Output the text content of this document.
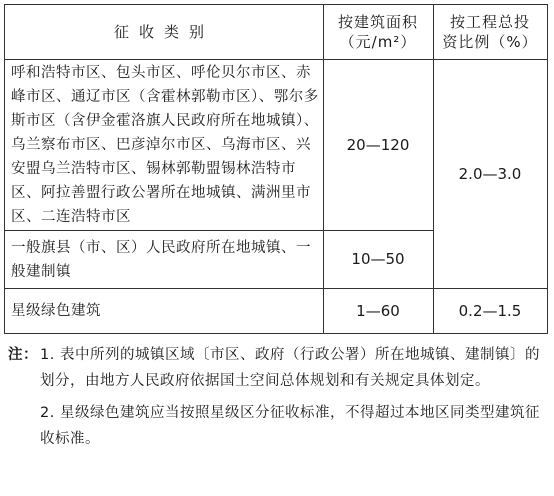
征收类别
按建筑面积
（元/m²）
按工程总投
资比例（%）
呼和浩特市区、包头市区、呼伦贝尔市区、赤峰市区、通辽市区（含霍林郭勒市区）、鄂尔多斯市区（含伊金霍洛旗人民政府所在地城镇）、乌兰察布市区、巴彦淖尔市区、乌海市区、兴安盟乌兰浩特市区、锡林郭勒盟锡林浩特市区、阿拉善盟行政公署所在地城镇、满洲里市区、二连浩特市区
20—120
2.0—3.0
一般旗县（市、区）人民政府所在地城镇、一般建制镇
10—50
星级绿色建筑	1—60	0.2—1.5
注： 1. 表中所列的城镇区域〔市区、政府（行政公署）所在地城镇、建制镇〕的划分，由地方人民政府依据国土空间总体规划和有关规定具体划定。
2. 星级绿色建筑应当按照星级区分征收标准，不得超过本地区同类型建筑征收标准。
